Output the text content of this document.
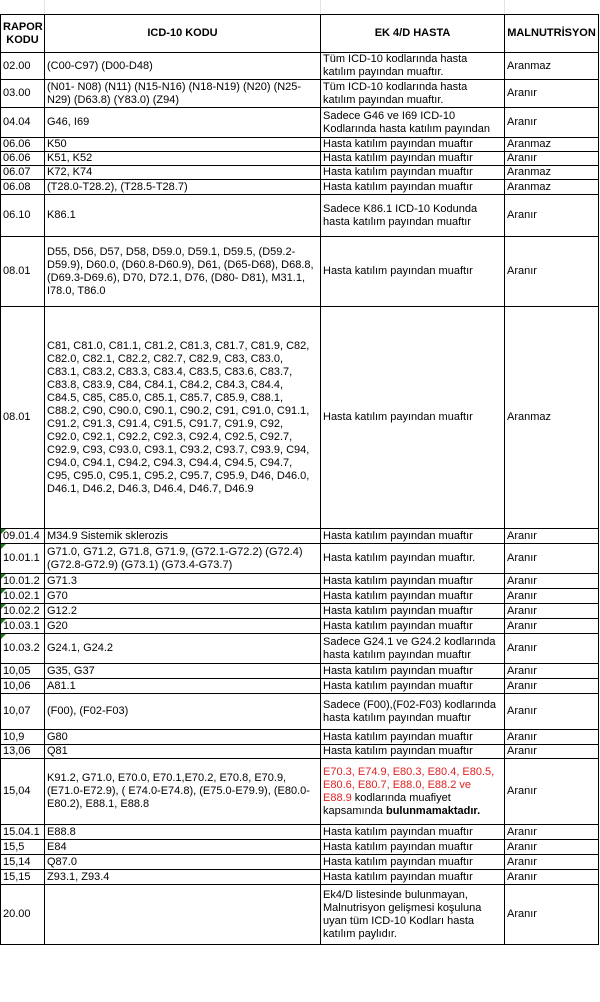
RAPOR KODU	ICD-10 KODU	EK 4/D HASTA	MALNUTRİSYON
02.00	(C00-C97) (D00-D48)	Tüm ICD-10 kodlarında hasta katılım payından muaftır.	Aranmaz
03.00	(N01- N08) (N11) (N15-N16) (N18-N19) (N20) (N25-N29) (D63.8) (Y83.0) (Z94)	Tüm ICD-10 kodlarında hasta katılım payından muaftır.	Aranır
04.04	G46, I69	Sadece G46 ve I69 ICD-10 Kodlarında hasta katılım payından	Aranır
06.06	K50	Hasta katılım payından muaftır	Aranmaz
06.06	K51, K52	Hasta katılım payından muaftır	Aranır
06.07	K72, K74	Hasta katılım payından muaftır	Aranmaz
06.08	(T28.0-T28.2), (T28.5-T28.7)	Hasta katılım payından muaftır	Aranmaz
06.10	K86.1	Sadece K86.1 ICD-10 Kodunda hasta katılım payından muaftır	Aranır
08.01	D55, D56, D57, D58, D59.0, D59.1, D59.5, (D59.2-D59.9), D60.0, (D60.8-D60.9), D61, (D65-D68), D68.8, (D69.3-D69.6), D70, D72.1, D76, (D80- D81), M31.1, I78.0, T86.0	Hasta katılım payından muaftır	Aranır
08.01	C81, C81.0, C81.1, C81.2, C81.3, C81.7, C81.9, C82, C82.0, C82.1, C82.2, C82.7, C82.9, C83, C83.0, C83.1, C83.2, C83.3, C83.4, C83.5, C83.6, C83.7, C83.8, C83.9, C84, C84.1, C84.2, C84.3, C84.4, C84.5, C85, C85.0, C85.1, C85.7, C85.9, C88.1, C88.2, C90, C90.0, C90.1, C90.2, C91, C91.0, C91.1, C91.2, C91.3, C91.4, C91.5, C91.7, C91.9, C92, C92.0, C92.1, C92.2, C92.3, C92.4, C92.5, C92.7, C92.9, C93, C93.0, C93.1, C93.2, C93.7, C93.9, C94, C94.0, C94.1, C94.2, C94.3, C94.4, C94.5, C94.7, C95, C95.0, C95.1, C95.2, C95.7, C95.9, D46, D46.0, D46.1, D46.2, D46.3, D46.4, D46.7, D46.9	Hasta katılım payından muaftır	Aranmaz
09.01.4	M34.9 Sistemik sklerozis	Hasta katılım payından muaftır	Aranır
10.01.1	G71.0, G71.2, G71.8, G71.9, (G72.1-G72.2) (G72.4) (G72.8-G72.9) (G73.1) (G73.4-G73.7)	Hasta katılım payından muaftır.	Aranır
10.01.2	G71.3	Hasta katılım payından muaftır	Aranır
10.02.1	G70	Hasta katılım payından muaftır	Aranır
10.02.2	G12.2	Hasta katılım payından muaftır	Aranır
10.03.1	G20	Hasta katılım payından muaftır	Aranır
10.03.2	G24.1, G24.2	Sadece G24.1 ve G24.2 kodlarında hasta katılım payından muaftır	Aranır
10,05	G35, G37	Hasta katılım payından muaftır	Aranır
10,06	A81.1	Hasta katılım payından muaftır	Aranır
10,07	(F00), (F02-F03)	Sadece (F00),(F02-F03) kodlarında hasta katılım payından muaftır	Aranır
10,9	G80	Hasta katılım payından muaftır	Aranır
13,06	Q81	Hasta katılım payından muaftır	Aranır
15,04	K91.2, G71.0, E70.0, E70.1,E70.2, E70.8, E70.9, (E71.0-E72.9), ( E74.0-E74.8), (E75.0-E79.9), (E80.0-E80.2), E88.1, E88.8	E70.3, E74.9, E80.3, E80.4, E80.5, E80.6, E80.7, E88.0, E88.2 ve E88.9 kodlarında muafiyet kapsamında bulunmamaktadır.	Aranır
15.04.1	E88.8	Hasta katılım payından muaftır	Aranır
15,5	E84	Hasta katılım payından muaftır	Aranır
15,14	Q87.0	Hasta katılım payından muaftır	Aranır
15,15	Z93.1, Z93.4	Hasta katılım payından muaftır	Aranır
20.00		Ek4/D listesinde bulunmayan, Malnutrisyon gelişmesi koşuluna uyan tüm ICD-10 Kodları hasta katılım paylıdır.	Aranır
